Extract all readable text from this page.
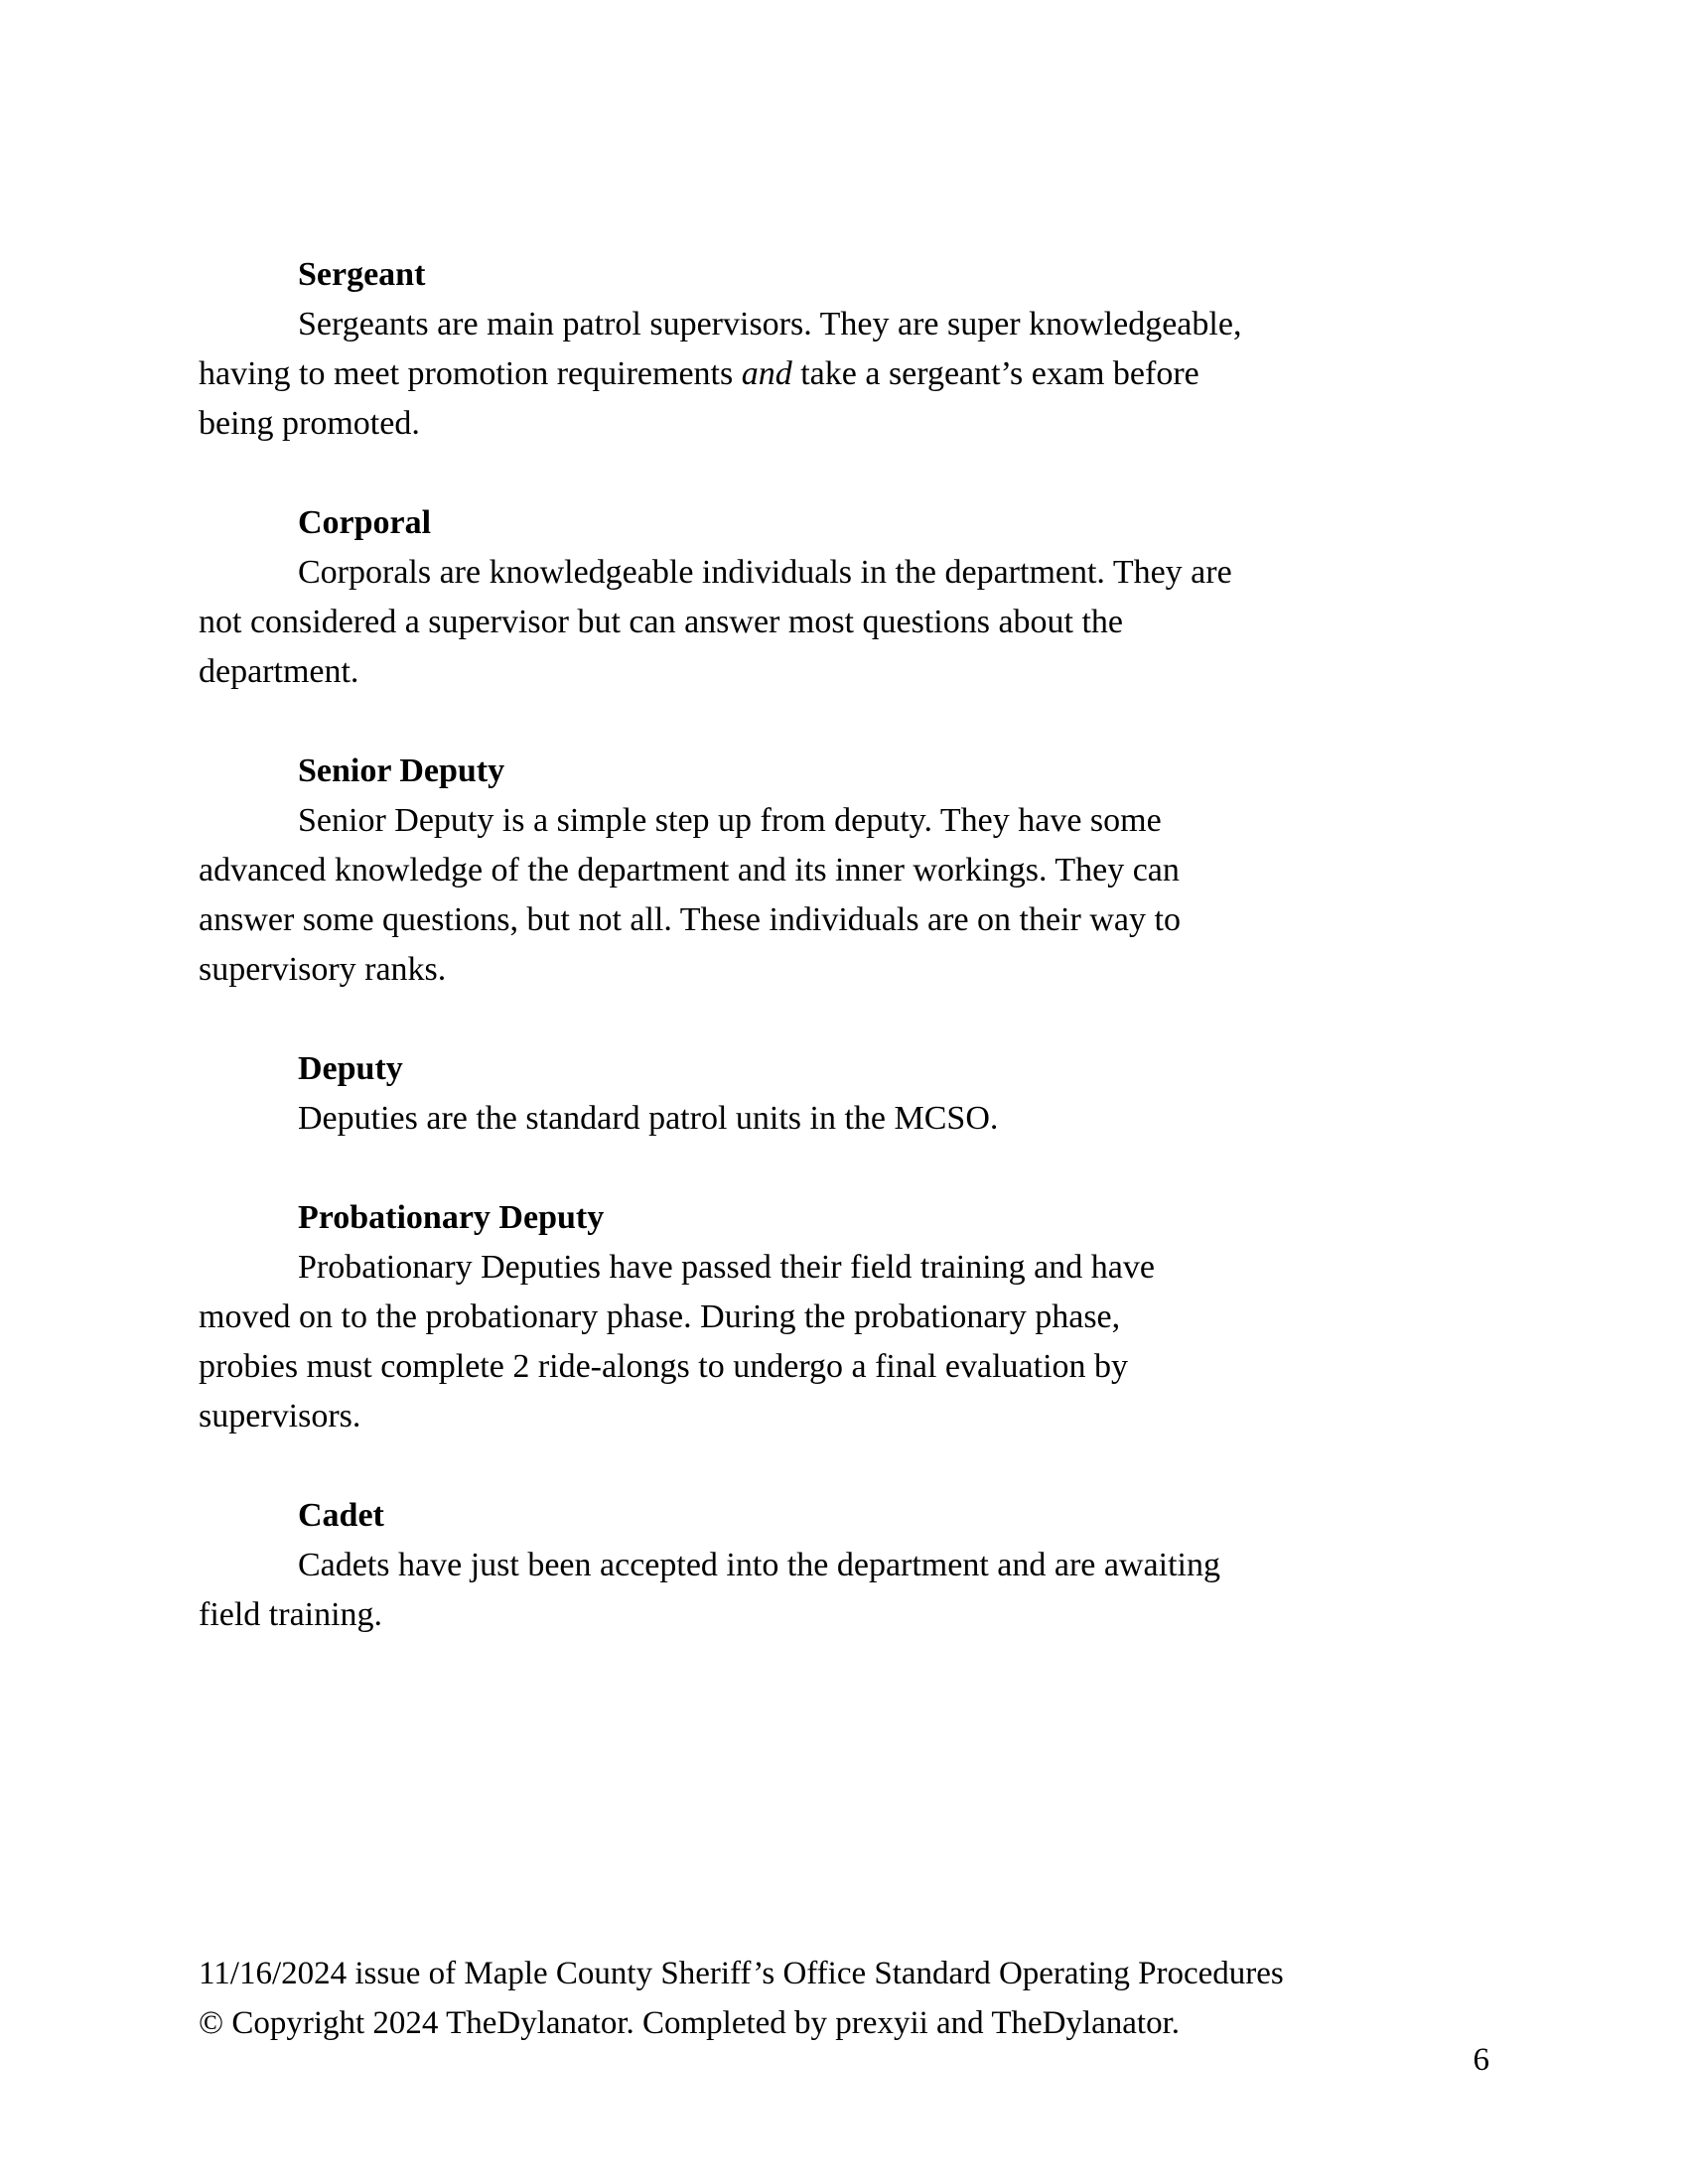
Sergeant
Sergeants are main patrol supervisors. They are super knowledgeable,
having to meet promotion requirements and take a sergeant’s exam before
being promoted.
Corporal
Corporals are knowledgeable individuals in the department. They are
not considered a supervisor but can answer most questions about the
department.
Senior Deputy
Senior Deputy is a simple step up from deputy. They have some
advanced knowledge of the department and its inner workings. They can
answer some questions, but not all. These individuals are on their way to
supervisory ranks.
Deputy
Deputies are the standard patrol units in the MCSO.
Probationary Deputy
Probationary Deputies have passed their field training and have
moved on to the probationary phase. During the probationary phase,
probies must complete 2 ride-alongs to undergo a final evaluation by
supervisors.
Cadet
Cadets have just been accepted into the department and are awaiting
field training.
11/16/2024 issue of Maple County Sheriff’s Office Standard Operating Procedures
© Copyright 2024 TheDylanator. Completed by prexyii and TheDylanator.
6
